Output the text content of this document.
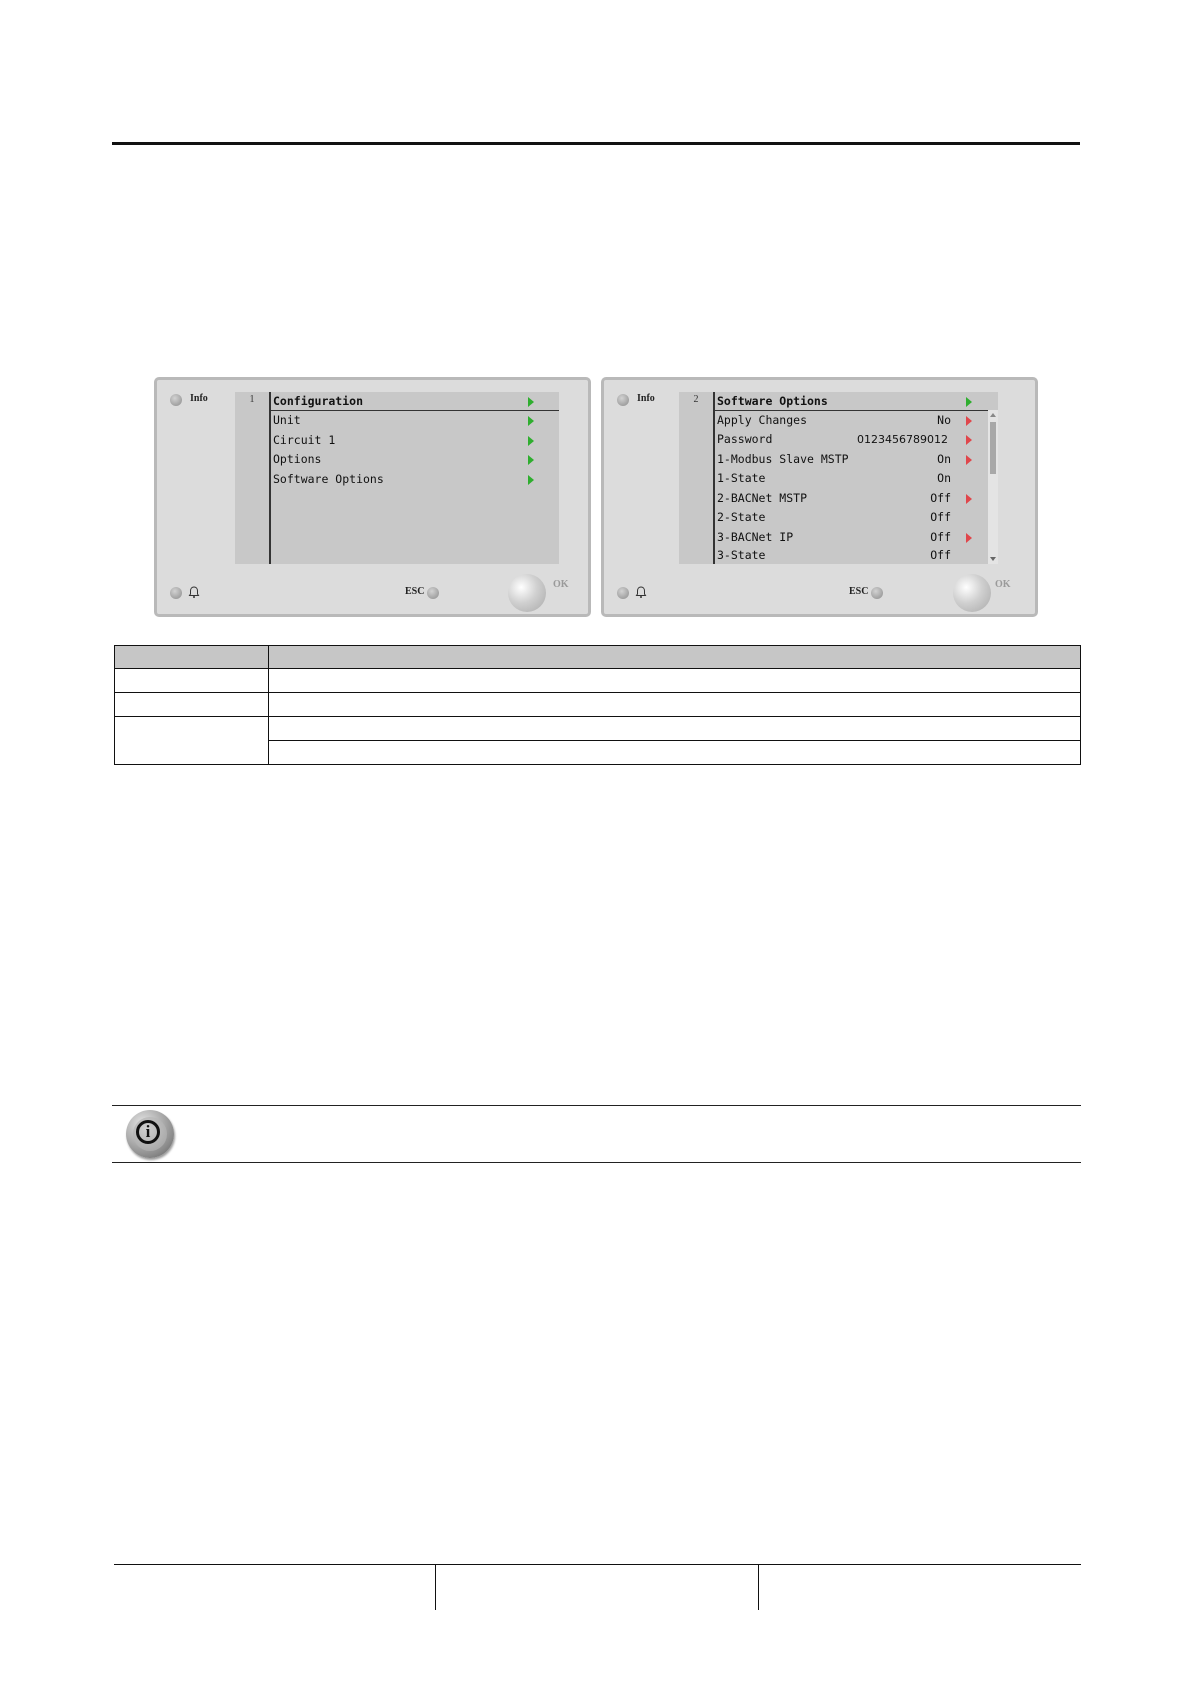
Info	1	Configuration
Unit
Circuit 1
Options
Software Options
ESC
OK
Info	2	Software Options
Apply Changes	No
Password	0123456789012
1-Modbus Slave MSTP	On
1-State	On
2-BACNet MSTP	Off
2-State	Off
3-BACNet IP	Off
3-State	Off
ESC
OK

i
